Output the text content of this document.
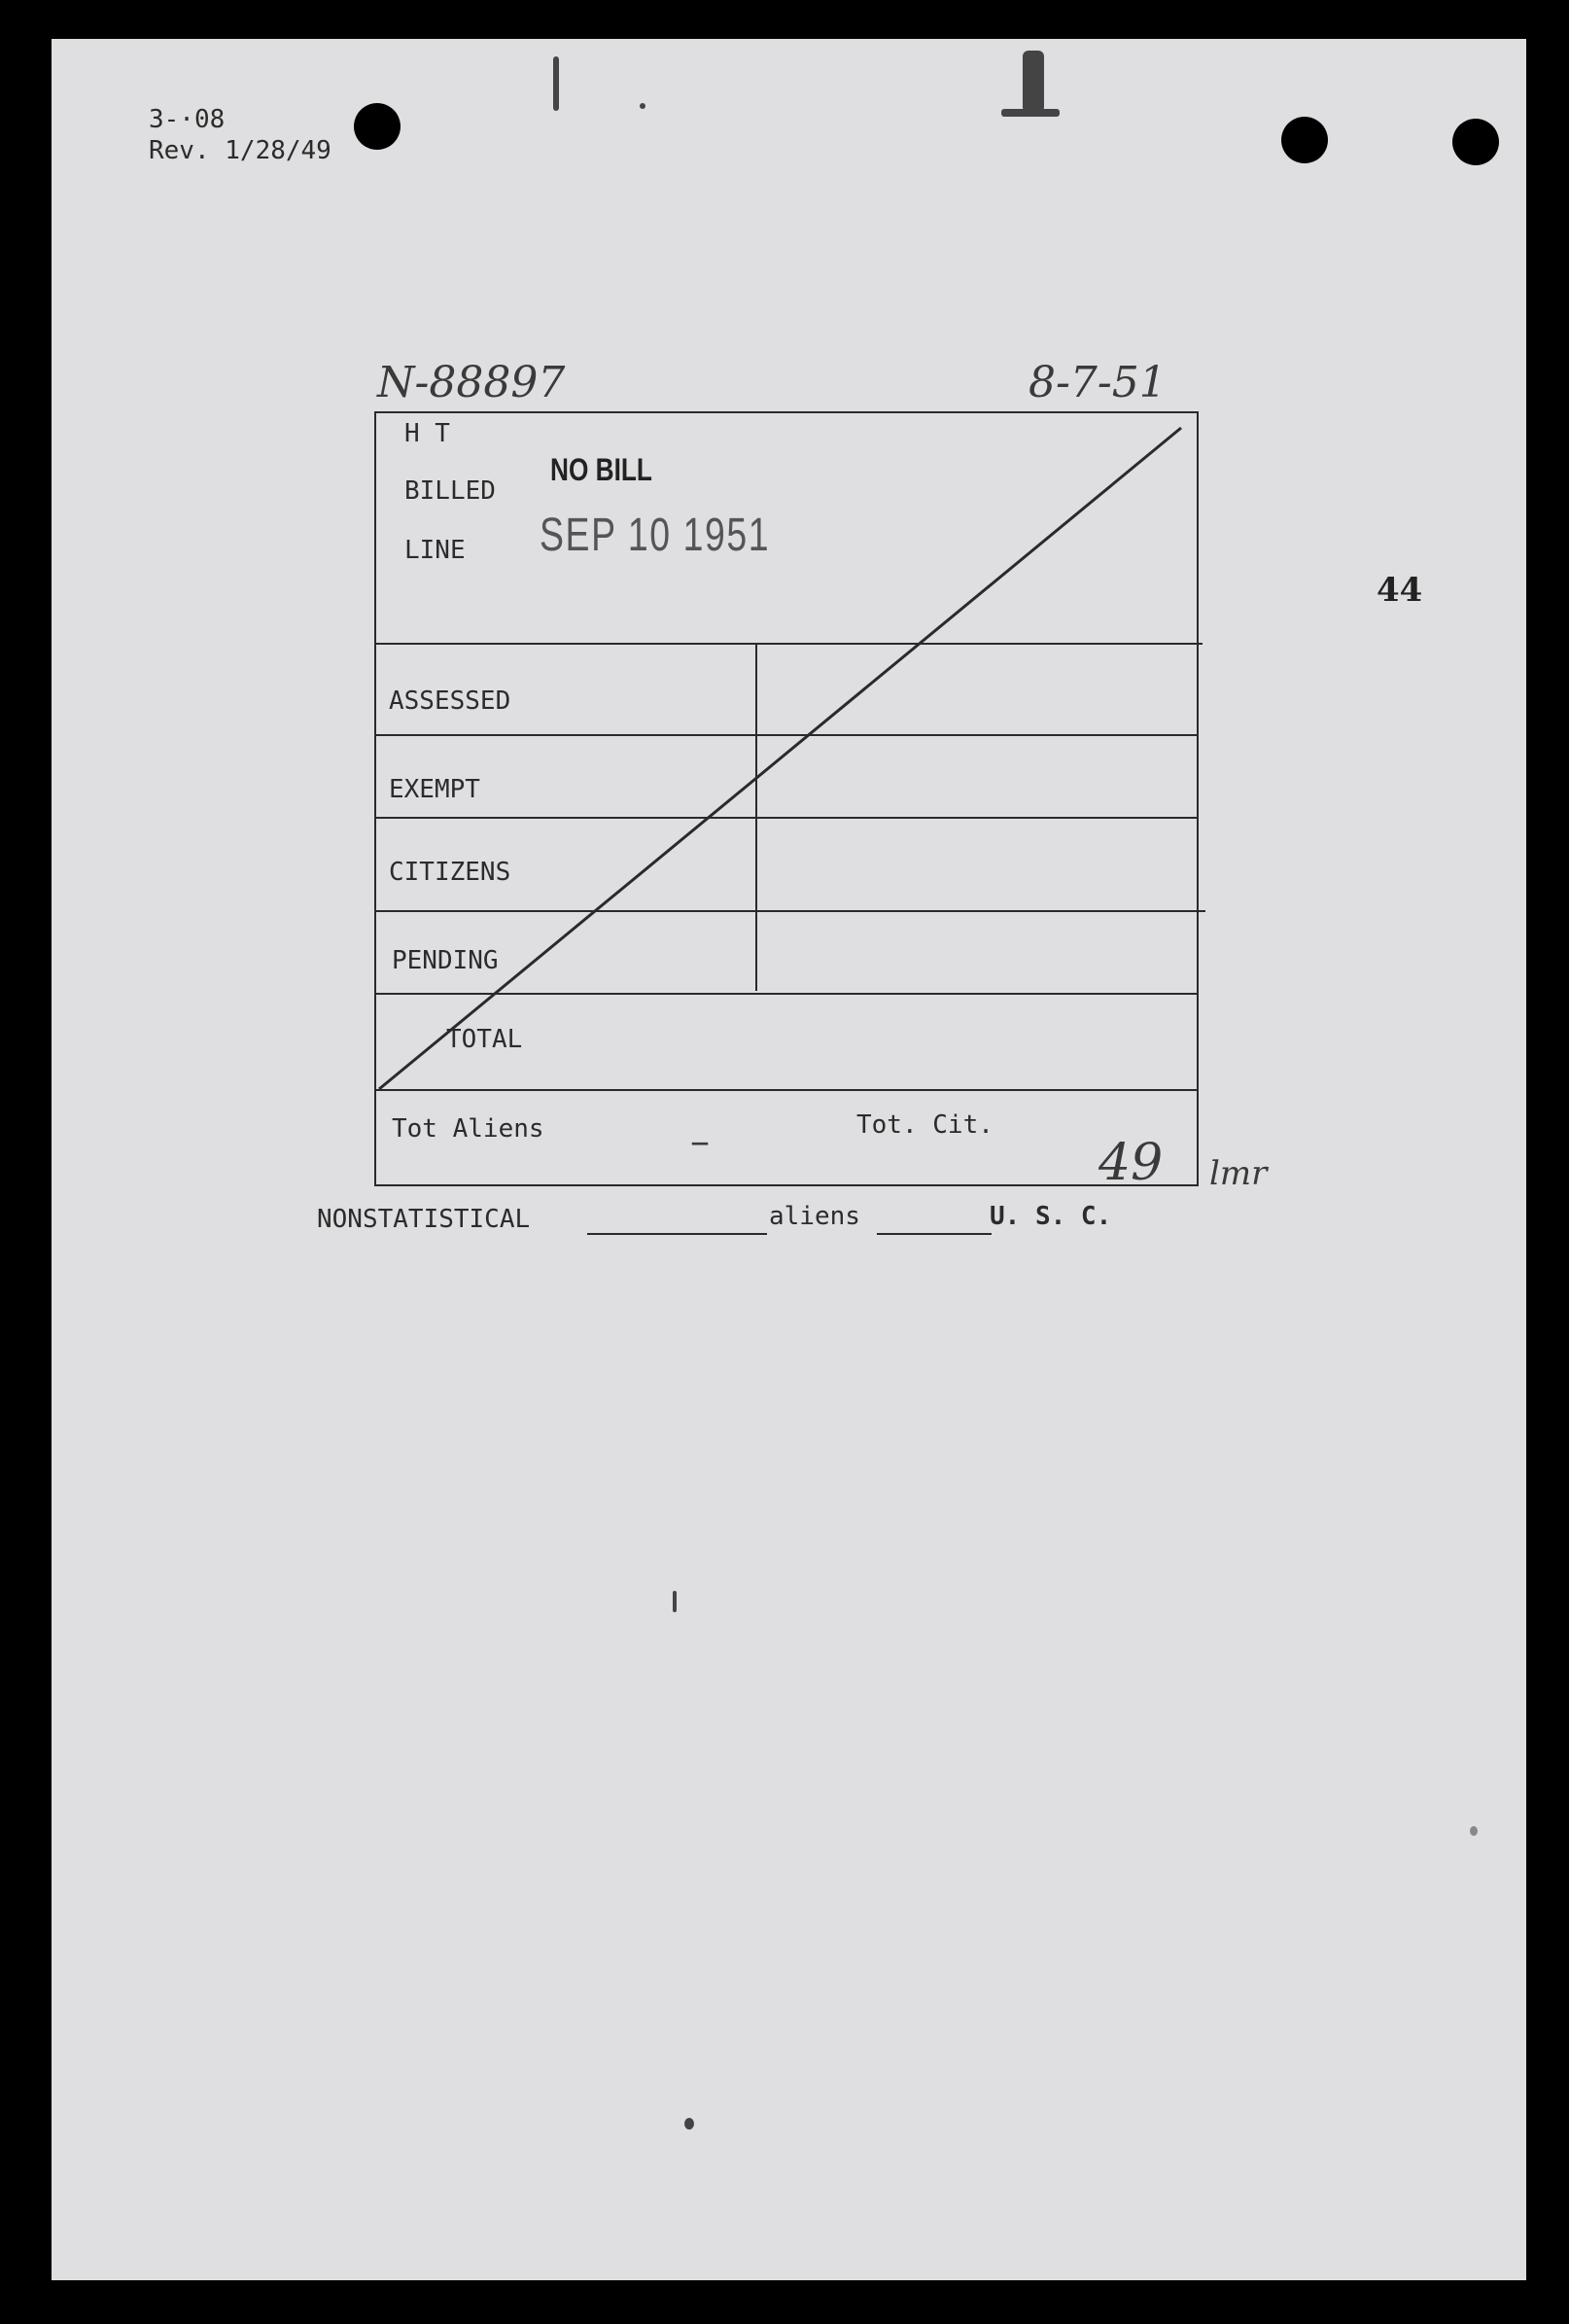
3-·08
Rev. 1/28/49
N-88897	8-7-51
44
H T
BILLED
LINE
NO BILL
SEP 10 1951
ASSESSED
EXEMPT
CITIZENS
PENDING
TOTAL
Tot Aliens	Tot. Cit.
–	49 lmr
NONSTATISTICAL	aliens	U. S. C.
